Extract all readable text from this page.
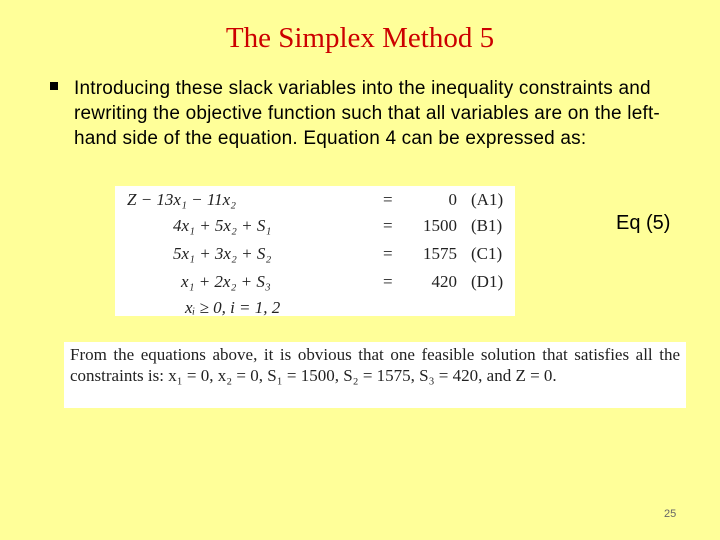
The Simplex Method 5
Introducing these slack variables into the inequality constraints and rewriting the objective function such that all variables are on the left-hand side of the equation. Equation 4 can be expressed as:
Z − 13x₁ − 11x₂	=	0 (A1)
4x₁ + 5x₂ + S₁	=	1500 (B1)
5x₁ + 3x₂ + S₂	=	1575 (C1)
x₁ + 2x₂ + S₃	=	420 (D1)
xᵢ ≥ 0, i = 1, 2
Eq (5)
From the equations above, it is obvious that one feasible solution that satisfies all the constraints is: x₁ = 0, x₂ = 0, S₁ = 1500, S₂ = 1575, S₃ = 420, and Z = 0.
25
